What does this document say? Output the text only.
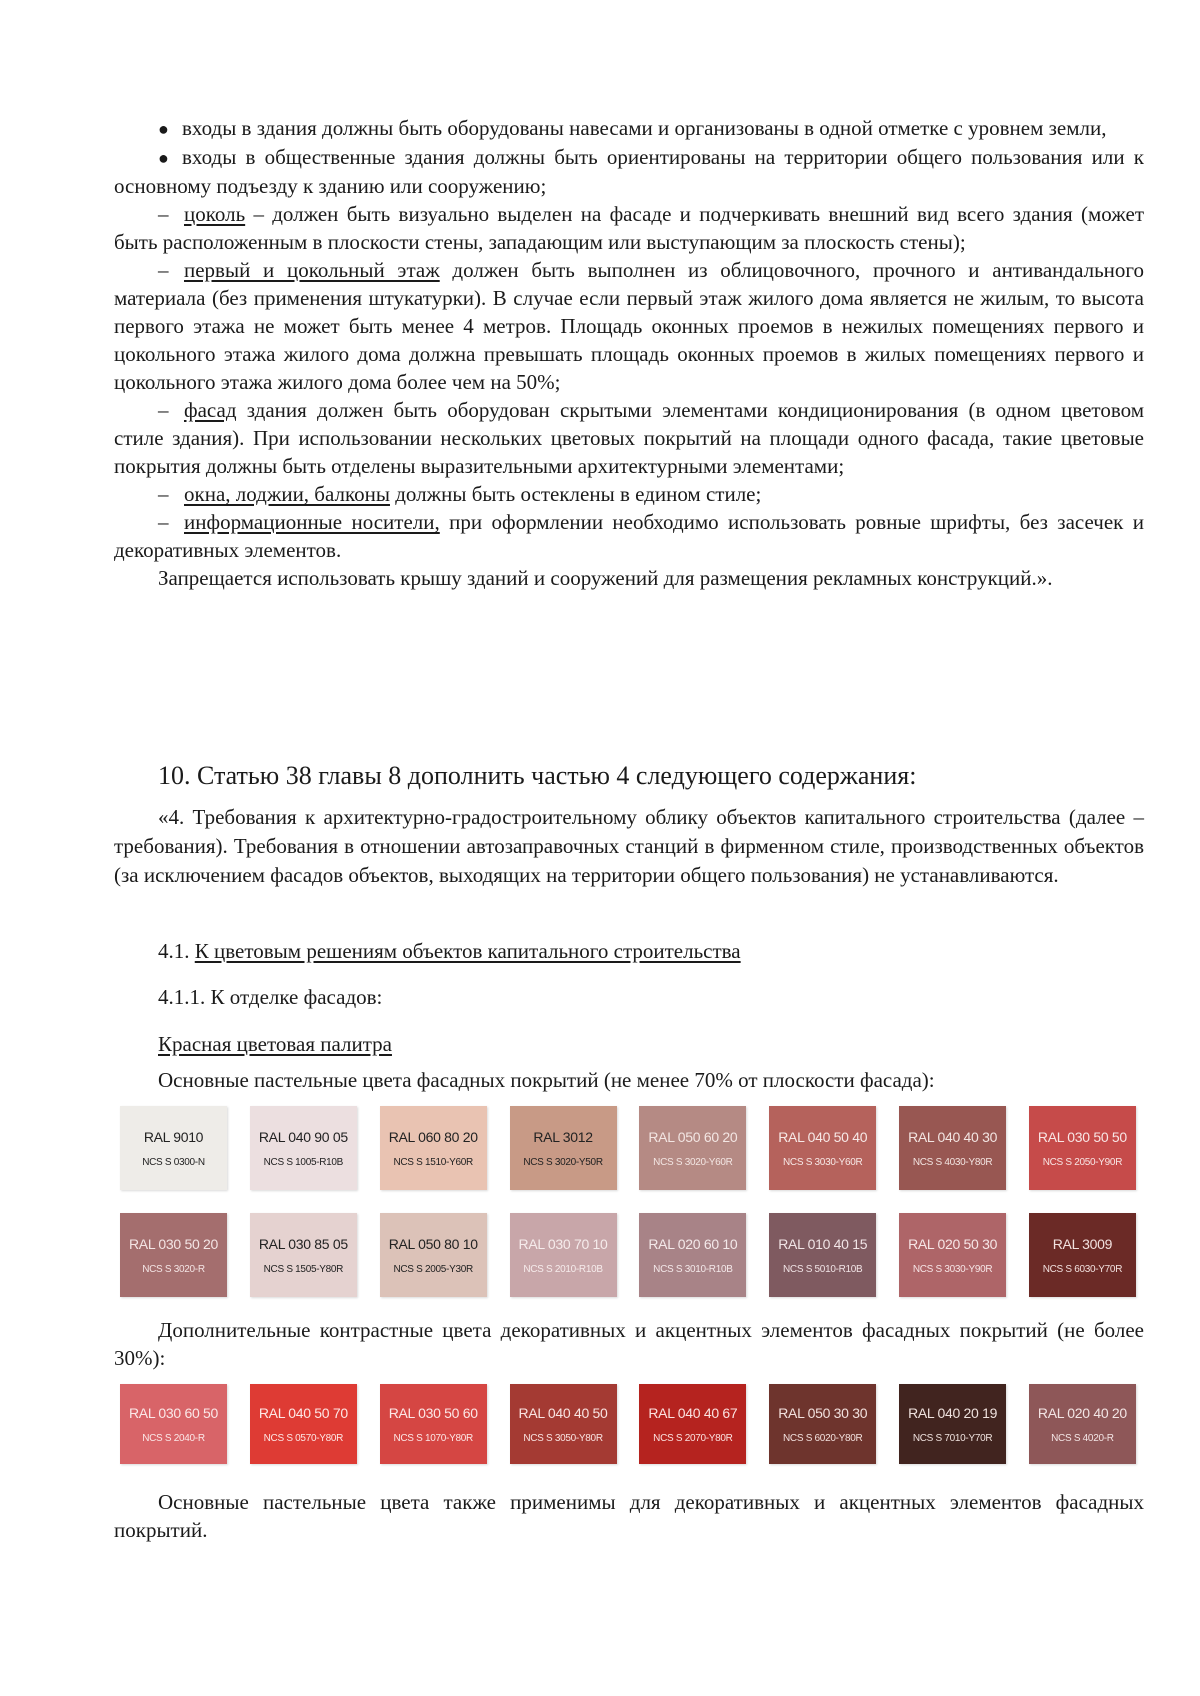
● входы в здания должны быть оборудованы навесами и организованы в одной отметке с уровнем земли,

● входы в общественные здания должны быть ориентированы на территории общего пользования или к основному подъезду к зданию или сооружению;

– цоколь – должен быть визуально выделен на фасаде и подчеркивать внешний вид всего здания (может быть расположенным в плоскости стены, западающим или выступающим за плоскость стены);

– первый и цокольный этаж должен быть выполнен из облицовочного, прочного и антивандального материала (без применения штукатурки). В случае если первый этаж жилого дома является не жилым, то высота первого этажа не может быть менее 4 метров. Площадь оконных проемов в нежилых помещениях первого и цокольного этажа жилого дома должна превышать площадь оконных проемов в жилых помещениях первого и цокольного этажа жилого дома более чем на 50%;

– фасад здания должен быть оборудован скрытыми элементами кондиционирования (в одном цветовом стиле здания). При использовании нескольких цветовых покрытий на площади одного фасада, такие цветовые покрытия должны быть отделены выразительными архитектурными элементами;

– окна, лоджии, балконы должны быть остеклены в едином стиле;

– информационные носители, при оформлении необходимо использовать ровные шрифты, без засечек и декоративных элементов.

Запрещается использовать крышу зданий и сооружений для размещения рекламных конструкций.».

10. Статью 38 главы 8 дополнить частью 4 следующего содержания:

«4. Требования к архитектурно-градостроительному облику объектов капитального строительства (далее – требования). Требования в отношении автозаправочных станций в фирменном стиле, производственных объектов (за исключением фасадов объектов, выходящих на территории общего пользования) не устанавливаются.

4.1. К цветовым решениям объектов капитального строительства

4.1.1. К отделке фасадов:

Красная цветовая палитра

Основные пастельные цвета фасадных покрытий (не менее 70% от плоскости фасада):

RAL 9010
NCS S 0300-N
RAL 040 90 05
NCS S 1005-R10B
RAL 060 80 20
NCS S 1510-Y60R
RAL 3012
NCS S 3020-Y50R
RAL 050 60 20
NCS S 3020-Y60R
RAL 040 50 40
NCS S 3030-Y60R
RAL 040 40 30
NCS S 4030-Y80R
RAL 030 50 50
NCS S 2050-Y90R
RAL 030 50 20
NCS S 3020-R
RAL 030 85 05
NCS S 1505-Y80R
RAL 050 80 10
NCS S 2005-Y30R
RAL 030 70 10
NCS S 2010-R10B
RAL 020 60 10
NCS S 3010-R10B
RAL 010 40 15
NCS S 5010-R10B
RAL 020 50 30
NCS S 3030-Y90R
RAL 3009
NCS S 6030-Y70R

Дополнительные контрастные цвета декоративных и акцентных элементов фасадных покрытий (не более 30%):

RAL 030 60 50
NCS S 2040-R
RAL 040 50 70
NCS S 0570-Y80R
RAL 030 50 60
NCS S 1070-Y80R
RAL 040 40 50
NCS S 3050-Y80R
RAL 040 40 67
NCS S 2070-Y80R
RAL 050 30 30
NCS S 6020-Y80R
RAL 040 20 19
NCS S 7010-Y70R
RAL 020 40 20
NCS S 4020-R

Основные пастельные цвета также применимы для декоративных и акцентных элементов фасадных покрытий.
